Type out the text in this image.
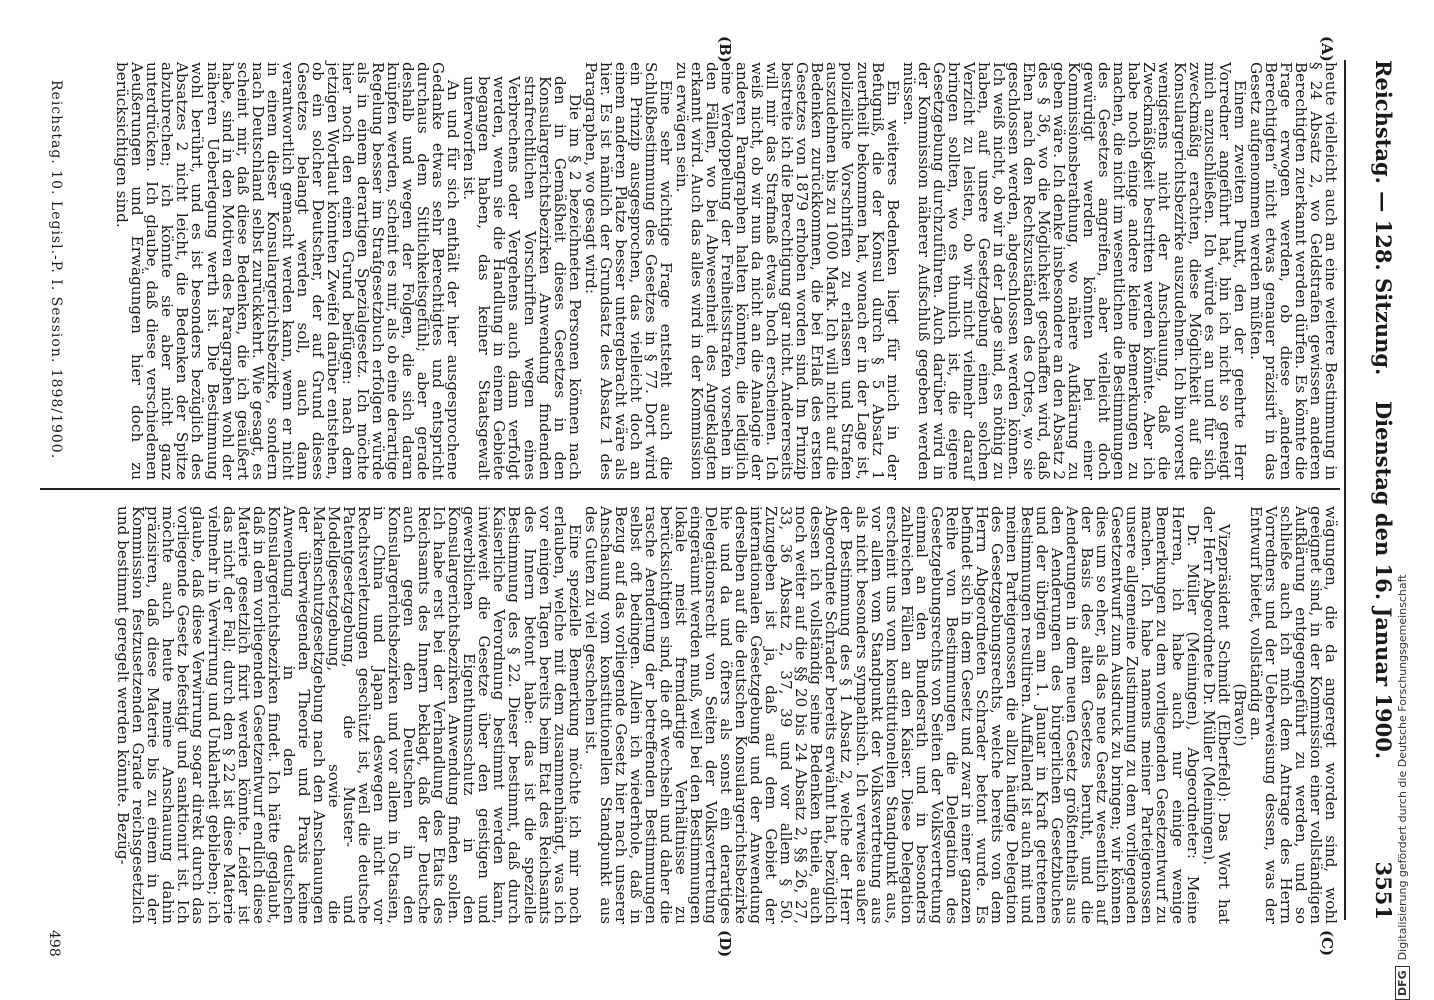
Reichstag. — 128. Sitzung.
Dienstag den 16. Januar 1900.              3551
(A)
(B)
(C)
(D)

heute vielleicht auch an eine weitere Bestimmung in § 24 Absatz 2, wo Geldstrafen gewissen anderen Berechtigten zuerkannt werden dürfen. Es könnte die Frage erwogen werden, ob diese „anderen Berechtigten“ nicht etwas genauer präzisirt in das Gesetz aufgenommen werden müßten.

Einem zweiten Punkt, den der geehrte Herr Vorredner angeführt hat, bin ich nicht so geneigt mich anzuschließen. Ich würde es an und für sich zweckmäßig erachten, diese Möglichkeit auf die Konsulargerichtsbezirke auszudehnen. Ich bin vorerst wenigstens nicht der Anschauung, daß die Zweckmäßigkeit bestritten werden könnte. Aber ich habe noch einige andere kleine Bemerkungen zu machen, die nicht im wesentlichen die Bestimmungen des Gesetzes angreifen, aber vielleicht doch gewürdigt werden könnten bei einer Kommissionsberathung, wo nähere Aufklärung zu geben wäre. Ich denke insbesondere an den Absatz 2 des § 36, wo die Möglichkeit geschaffen wird, daß Ehen nach den Rechtszuständen des Ortes, wo sie geschlossen werden, abgeschlossen werden können. Ich weiß nicht, ob wir in der Lage sind, es nöthig zu haben, auf unsere Gesetzgebung einen solchen Verzicht zu leisten, ob wir nicht vielmehr darauf bringen sollten, wo es thunlich ist, die eigene Gesetzgebung durchzuführen. Auch darüber wird in der Kommission näherer Aufschluß gegeben werden müssen.

Ein weiteres Bedenken liegt für mich in der Befugniß, die der Konsul durch § 5 Absatz 1 zuertheilt bekommen hat, wonach er in der Lage ist, polizeiliche Vorschriften zu erlassen und Strafen auszudehnen bis zu 1000 Mark. Ich will nicht auf die Bedenken zurückkommen, die bei Erlaß des ersten Gesetzes von 1879 erhoben worden sind. Im Prinzip bestreite ich die Berechtigung gar nicht. Andererseits will mir das Strafmaß etwas hoch erscheinen. Ich weiß nicht, ob wir nun da nicht an die Analogie der anderen Paragraphen halten könnten, die lediglich eine Verdoppelung der Freiheitsstrafen vorsehen in den Fällen, wo bei Abwesenheit des Angeklagten erkannt wird. Auch das alles wird in der Kommission zu erwägen sein.

Eine sehr wichtige Frage entsteht auch die Schlußbestimmung des Gesetzes in § 77. Dort wird ein Prinzip ausgesprochen, das vielleicht doch an einem anderen Platze besser untergebracht wäre als hier. Es ist nämlich der Grundsatz des Absatz 1 des Paragraphen, wo gesagt wird:

Die im § 2 bezeichneten Personen können nach den in Gemäßheit dieses Gesetzes in den Konsulargerichtsbezirken Anwendung findenden strafrechtlichen Vorschriften wegen eines Verbrechens oder Vergehens auch dann verfolgt werden, wenn sie die Handlung in einem Gebiete begangen haben, das keiner Staatsgewalt unterworfen ist.

An und für sich enthält der hier ausgesprochene Gedanke etwas sehr Berechtigtes und entspricht durchaus dem Sittlichkeitsgefühl; aber gerade deshalb und wegen der Folgen, die sich daran knüpfen werden, scheint es mir, als ob eine derartige Regelung besser im Strafgesetzbuch erfolgen würde als in einem derartigen Spezialgesetz. Ich möchte hier noch den einen Grund beifügen: nach dem jetzigen Wortlaut könnten Zweifel darüber entstehen, ob ein solcher Deutscher, der auf Grund dieses Gesetzes belangt werden soll, auch dann verantwortlich gemacht werden kann, wenn er nicht in einem dieser Konsulargerichtsbezirke, sondern nach Deutschland selbst zurückkehrt. Wie gesagt, es scheint mir, daß diese Bedenken, die ich geäußert habe, sind in den Motiven des Paragraphen wohl der näheren Ueberlegung werth ist. Die Bestimmung wohl berührt, und es ist besonders bezüglich des Absatzes 2 nicht leicht, die Bedenken der Spitze abzubrechen; ich könnte sie aber nicht ganz unterdrücken. Ich glaube, daß diese verschiedenen Aeußerungen und Erwägungen hier doch zu berücksichtigen sind.

wägungen, die da angeregt worden sind, wohl geeignet sind, in der Kommission einer vollständigen Aufklärung entgegengeführt zu werden, und so schließe auch ich mich dem Antrage des Herrn Vorredners und der Ueberweisung dessen, was der Entwurf bietet, vollständig an.

(Bravo!)

Vizepräsident Schmidt (Elberfeld): Das Wort hat der Herr Abgeordnete Dr. Müller (Meiningen).

Dr. Müller (Meiningen), Abgeordneter: Meine Herren, ich habe auch nur einige wenige Bemerkungen zu dem vorliegenden Gesetzentwurf zu machen. Ich habe namens meiner Parteigenossen unsere allgemeine Zustimmung zu dem vorliegenden Gesetzentwurf zum Ausdruck zu bringen; wir können dies um so eher, als das neue Gesetz wesentlich auf der Basis des alten Gesetzes beruht, und die Aenderungen in dem neuen Gesetz größtentheils aus den Aenderungen des bürgerlichen Gesetzbuches und der übrigen am 1. Januar in Kraft getretenen Bestimmungen resultiren. Auffallend ist auch mit und meinen Parteigenossen die allzu häufige Delegation des Gesetzgebungsrechts, welche bereits von dem Herrn Abgeordneten Schrader betont wurde. Es befindet sich in dem Gesetz und zwar in einer ganzen Reihe von Bestimmungen die Delegation des Gesetzgebungsrechts von Seiten der Volksvertretung einmal an den Bundesrath und in besonders zahlreichen Fällen an den Kaiser. Diese Delegation erscheint uns vom konstitutionellen Standpunkt aus, vor allem vom Standpunkt der Volksvertretung aus als nicht besonders sympathisch. Ich verweise außer der Bestimmung des § 1 Absatz 2, welche der Herr Abgeordnete Schrader bereits erwähnt hat, bezüglich dessen ich vollständig seine Bedenken theile, auch noch weiter auf die §§ 20 bis 24 Absatz 2, §§ 26, 27, 33, 36 Absatz 2, 37, 39 und vor allem § 50. Zuzugeben ist ja, daß auf dem Gebiet der internationalen Gesetzgebung und der Anwendung derselben auf die deutschen Konsulargerichtsbezirke hie und da und öfters als sonst ein derartiges Delegationsrecht von Seiten der Volksvertretung eingeräumt werden muß, weil bei den Bestimmungen lokale meist fremdartige Verhältnisse zu berücksichtigen sind, die oft wechseln und daher die rasche Aenderung der betreffenden Bestimmungen selbst oft bedingen. Allein ich wiederhole, daß in Bezug auf das vorliegende Gesetz hier nach unserer Anschauung vom konstitutionellen Standpunkt aus des Guten zu viel geschehen ist.

Eine spezielle Bemerkung möchte ich mir noch erlauben, welche mit dem zusammenhängt, was ich vor einigen Tagen bereits beim Etat des Reichsamts des Innern betont habe: das ist die spezielle Bestimmung des § 22. Dieser bestimmt, daß durch Kaiserliche Verordnung bestimmt werden kann, inwieweit die Gesetze über den geistigen und gewerblichen Eigenthumsschutz in den Konsulargerichtsbezirken Anwendung finden sollen. Ich habe erst bei der Verhandlung des Etats des Reichsamts des Innern beklagt, daß der Deutsche auch gegen den Deutschen in den Konsulargerichtsbezirken und vor allem in Ostasien, in China und Japan deswegen nicht vor Rechtsverletzungen geschützt ist, weil die deutsche Patentgesetzgebung, die Muster- und Modellgesetzgebung, sowie die Markenschutzgesetzgebung nach den Anschauungen der überwiegenden Theorie und Praxis keine Anwendung in den deutschen Konsulargerichtsbezirken findet. Ich hätte geglaubt, daß in dem vorliegenden Gesetzentwurf endlich diese Materie gesetzlich fixirt werden könnte. Leider ist das nicht der Fall; durch den § 22 ist diese Materie vielmehr in Verwirrung und Unklarheit geblieben; ich glaube, daß diese Verwirrung sogar direkt durch das vorliegende Gesetz befestigt und sanktionirt ist. Ich möchte auch heute meine Anschauung dahin präzisiren, daß diese Materie bis zu einem in der Kommission festzusetzenden Grade reichsgesetzlich und bestimmt geregelt werden könnte. Bezüg-

Reichstag. 10. Legisl.-P. I. Session. 1898/1900.
498
DFGDigitalisierung gefördert durch die Deutsche Forschungsgemeinschaft
